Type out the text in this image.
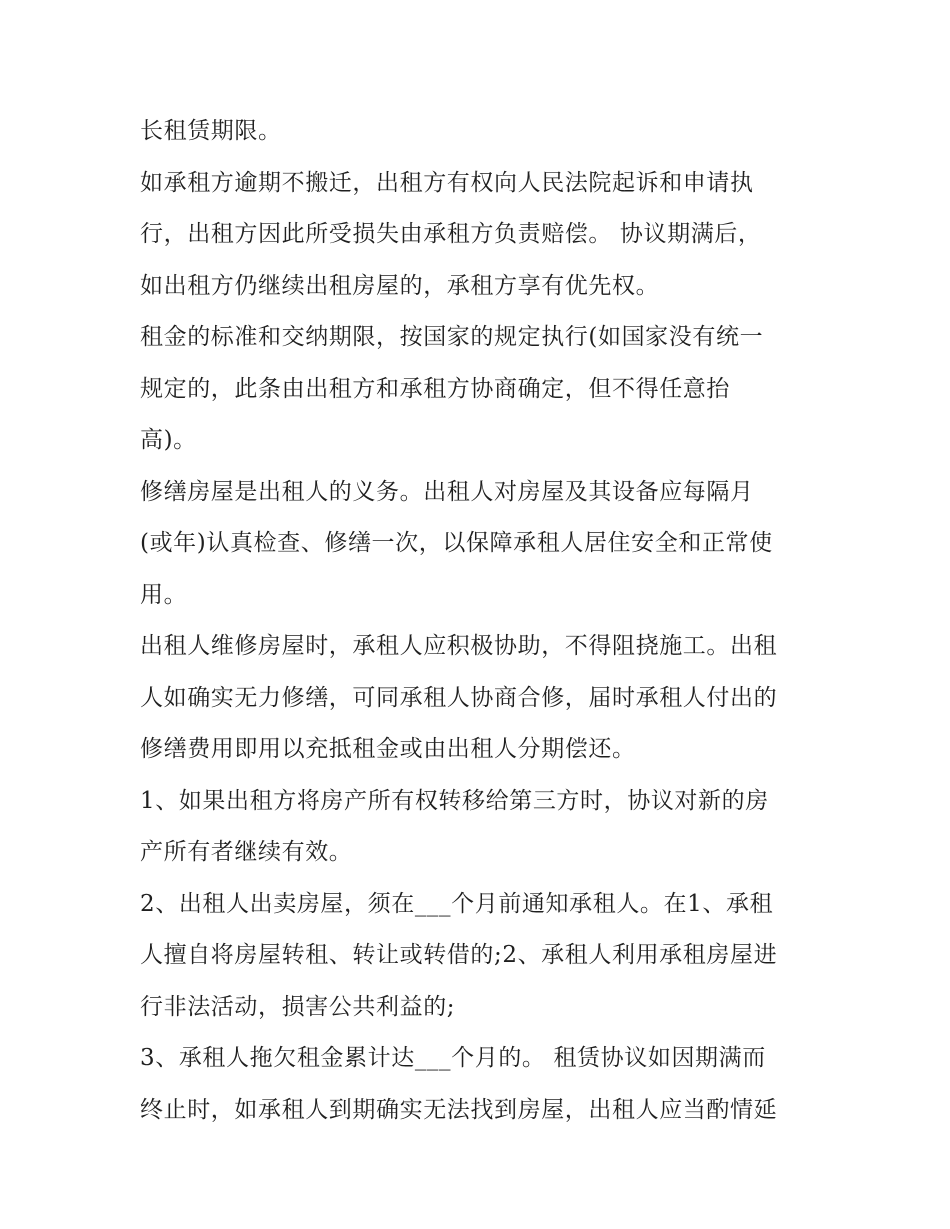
长租赁期限。
如承租方逾期不搬迁，出租方有权向人民法院起诉和申请执
行，出租方因此所受损失由承租方负责赔偿。 协议期满后，
如出租方仍继续出租房屋的，承租方享有优先权。
租金的标准和交纳期限，按国家的规定执行(如国家没有统一
规定的，此条由出租方和承租方协商确定，但不得任意抬
高)。
修缮房屋是出租人的义务。出租人对房屋及其设备应每隔月
(或年)认真检查、修缮一次，以保障承租人居住安全和正常使
用。
出租人维修房屋时，承租人应积极协助，不得阻挠施工。出租
人如确实无力修缮，可同承租人协商合修，届时承租人付出的
修缮费用即用以充抵租金或由出租人分期偿还。
1、如果出租方将房产所有权转移给第三方时，协议对新的房
产所有者继续有效。
2、出租人出卖房屋，须在___个月前通知承租人。在1、承租
人擅自将房屋转租、转让或转借的;2、承租人利用承租房屋进
行非法活动，损害公共利益的;
3、承租人拖欠租金累计达___个月的。 租赁协议如因期满而
终止时，如承租人到期确实无法找到房屋，出租人应当酌情延
